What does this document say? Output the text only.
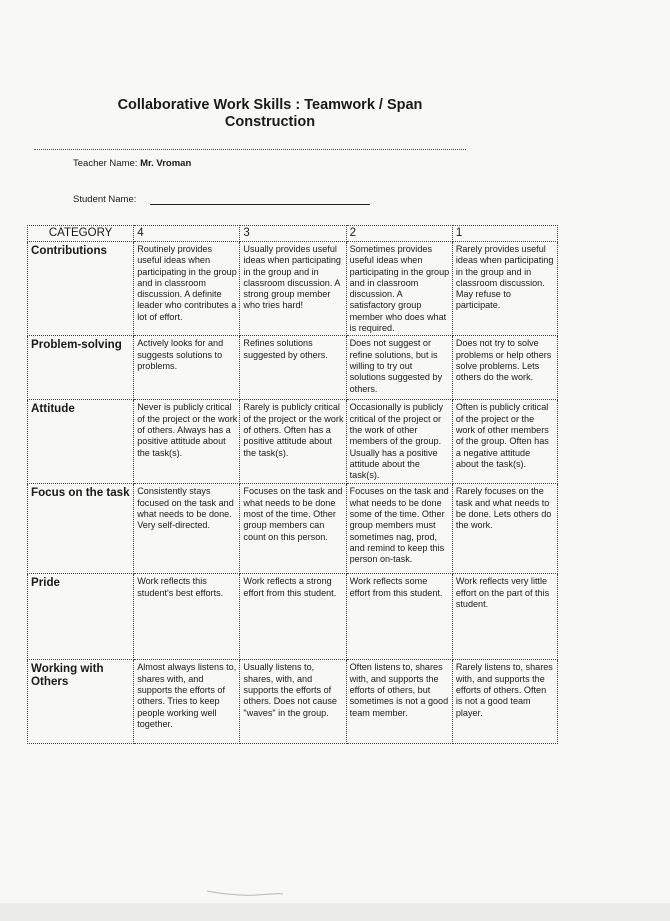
Collaborative Work Skills : Teamwork / Span
Construction
Teacher Name: Mr. Vroman
Student Name:
CATEGORY	4	3	2	1
Contributions	Routinely provides useful ideas when participating in the group and in classroom discussion. A definite leader who contributes a lot of effort.	Usually provides useful ideas when participating in the group and in classroom discussion. A strong group member who tries hard!	Sometimes provides useful ideas when participating in the group and in classroom discussion. A satisfactory group member who does what is required.	Rarely provides useful ideas when participating in the group and in classroom discussion. May refuse to participate.
Problem-solving	Actively looks for and suggests solutions to problems.	Refines solutions suggested by others.	Does not suggest or refine solutions, but is willing to try out solutions suggested by others.	Does not try to solve problems or help others solve problems. Lets others do the work.
Attitude	Never is publicly critical of the project or the work of others. Always has a positive attitude about the task(s).	Rarely is publicly critical of the project or the work of others. Often has a positive attitude about the task(s).	Occasionally is publicly critical of the project or the work of other members of the group. Usually has a positive attitude about the task(s).	Often is publicly critical of the project or the work of other members of the group. Often has a negative attitude about the task(s).
Focus on the task	Consistently stays focused on the task and what needs to be done. Very self-directed.	Focuses on the task and what needs to be done most of the time. Other group members can count on this person.	Focuses on the task and what needs to be done some of the time. Other group members must sometimes nag, prod, and remind to keep this person on-task.	Rarely focuses on the task and what needs to be done. Lets others do the work.
Pride	Work reflects this student's best efforts.	Work reflects a strong effort from this student.	Work reflects some effort from this student.	Work reflects very little effort on the part of this student.
Working with Others	Almost always listens to, shares with, and supports the efforts of others. Tries to keep people working well together.	Usually listens to, shares, with, and supports the efforts of others. Does not cause "waves" in the group.	Often listens to, shares with, and supports the efforts of others, but sometimes is not a good team member.	Rarely listens to, shares with, and supports the efforts of others. Often is not a good team player.
